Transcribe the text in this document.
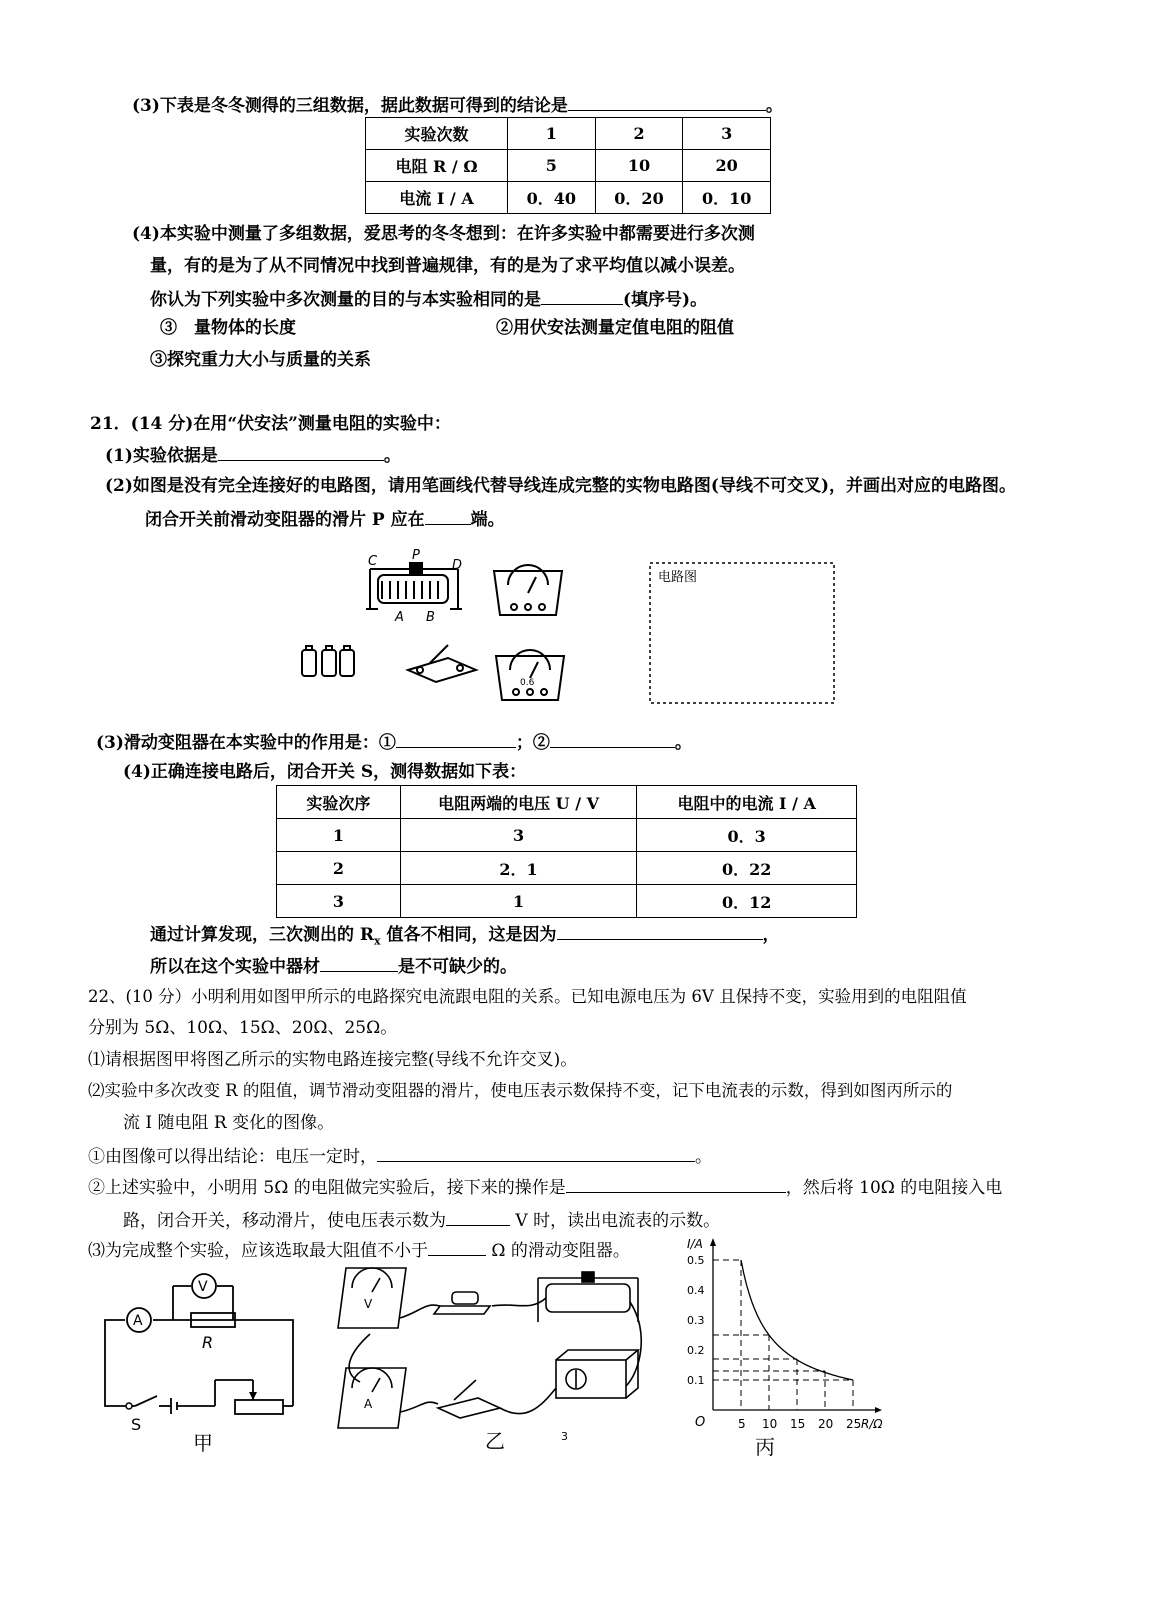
(3)下表是冬冬测得的三组数据，据此数据可得到的结论是	。
实验次数	1	2	3
电阻 R / Ω	5	10	20
电流 I / A	0．40	0．20	0．10
(4)本实验中测量了多组数据，爱思考的冬冬想到：在许多实验中都需要进行多次测
量，有的是为了从不同情况中找到普遍规律，有的是为了求平均值以减小误差。
你认为下列实验中多次测量的目的与本实验相同的是	(填序号)。
③　量物体的长度	②用伏安法测量定值电阻的阻值
③探究重力大小与质量的关系
21．(14 分)在用“伏安法”测量电阻的实验中：
(1)实验依据是	。
(2)如图是没有完全连接好的电路图，请用笔画线代替导线连成完整的实物电路图(导线不可交叉)，并画出对应的电路图。
闭合开关前滑动变阻器的滑片 P 应在	端。
C	P
D
A B
0.6
电路图
(3)滑动变阻器在本实验中的作用是：①	；②	。
(4)正确连接电路后，闭合开关 S，测得数据如下表：
实验次序	电阻两端的电压 U / V	电阻中的电流 I / A
1	3	0．3
2	2．1	0．22
3	1	0．12
通过计算发现，三次测出的 $R_x$ 值各不相同，这是因为	，
所以在这个实验中器材	是不可缺少的。
22、(10 分）小明利用如图甲所示的电路探究电流跟电阻的关系。已知电源电压为 6V 且保持不变，实验用到的电阻阻值
分别为 5Ω、10Ω、15Ω、20Ω、25Ω。
⑴请根据图甲将图乙所示的实物电路连接完整(导线不允许交叉)。
⑵实验中多次改变 R 的阻值，调节滑动变阻器的滑片，使电压表示数保持不变，记下电流表的示数，得到如图丙所示的
流 I 随电阻 R 变化的图像。
①由图像可以得出结论：电压一定时，	。
②上述实验中，小明用 5Ω 的电阻做完实验后，接下来的操作是	，然后将 10Ω 的电阻接入电
路，闭合开关，移动滑片，使电压表示数为	V 时，读出电流表的示数。
⑶为完成整个实验，应该选取最大阻值不小于	Ω 的滑动变阻器。
A
V
R
S
甲
V
A
乙	3
0.5
0.4
0.3
0.2
0.1
5 10 15 20 25
I/A
R/Ω
O
丙
